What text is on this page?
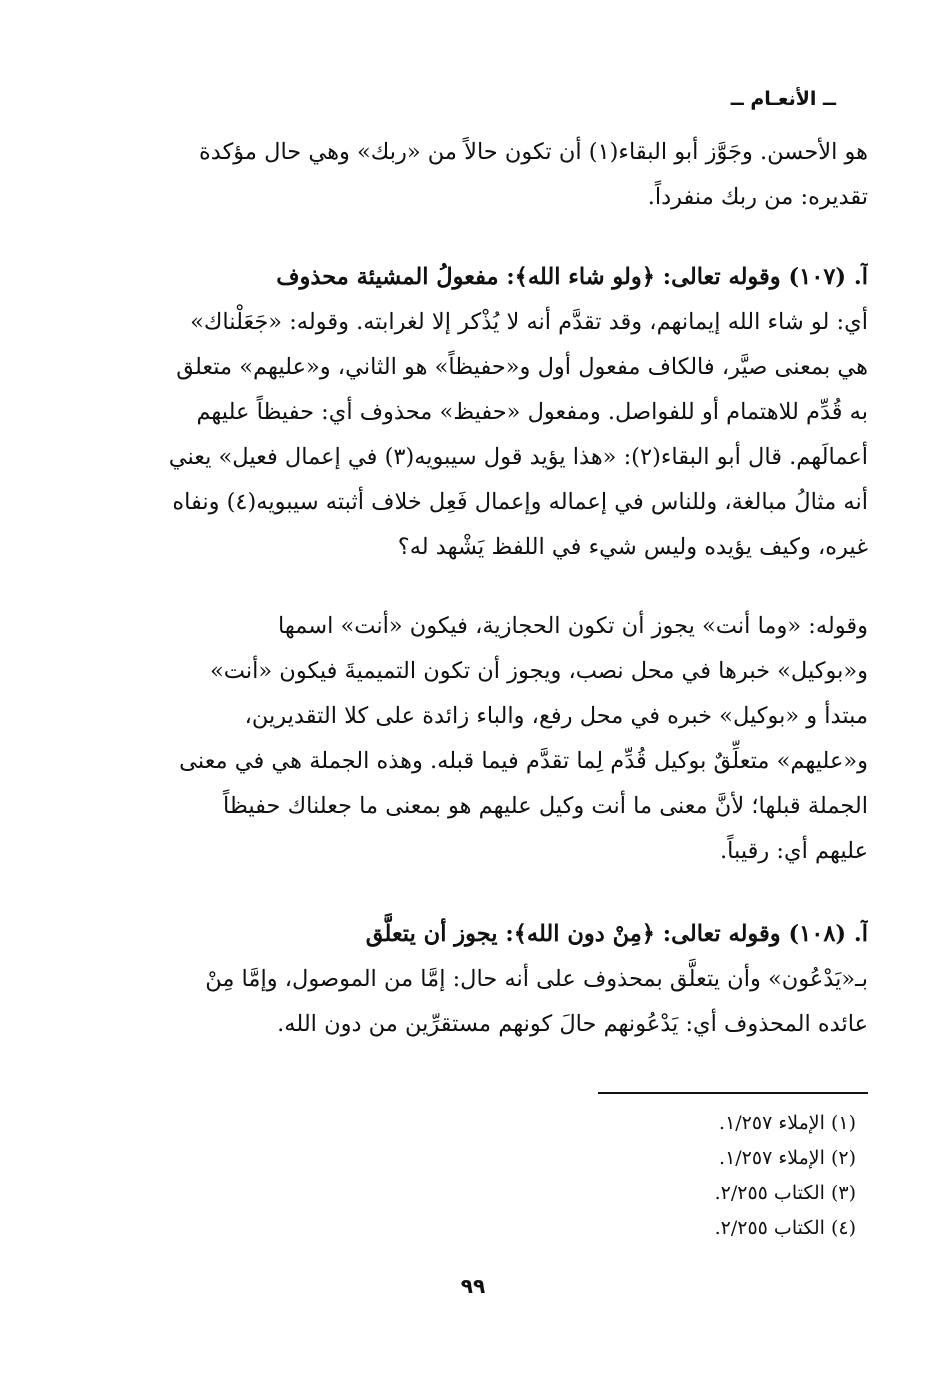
ــ الأنعـام ــ
هو الأحسن. وجَوَّز أبو البقاء(١) أن تكون حالاً من «ربك» وهي حال مؤكدة
تقديره: من ربك منفرداً.
آ. (١٠٧) وقوله تعالى: ﴿ولو شاء الله﴾: مفعولُ المشيئة محذوف
أي: لو شاء الله إيمانهم، وقد تقدَّم أنه لا يُذْكر إلا لغرابته. وقوله: «جَعَلْناك»
هي بمعنى صيَّر، فالكاف مفعول أول و«حفيظاً» هو الثاني، و«عليهم» متعلق
به قُدِّم للاهتمام أو للفواصل. ومفعول «حفيظ» محذوف أي: حفيظاً عليهم
أعمالَهم. قال أبو البقاء(٢): «هذا يؤيد قول سيبويه(٣) في إعمال فعيل» يعني
أنه مثالُ مبالغة، وللناس في إعماله وإعمال فَعِل خلاف أثبته سيبويه(٤) ونفاه
غيره، وكيف يؤيده وليس شيء في اللفظ يَشْهد له؟
وقوله: «وما أنت» يجوز أن تكون الحجازية، فيكون «أنت» اسمها
و«بوكيل» خبرها في محل نصب، ويجوز أن تكون التميميةَ فيكون «أنت»
مبتدأ و «بوكيل» خبره في محل رفع، والباء زائدة على كلا التقديرين،
و«عليهم» متعلِّقٌ بوكيل قُدِّم لِما تقدَّم فيما قبله. وهذه الجملة هي في معنى
الجملة قبلها؛ لأنَّ معنى ما أنت وكيل عليهم هو بمعنى ما جعلناك حفيظاً
عليهم أي: رقيباً.
آ. (١٠٨) وقوله تعالى: ﴿مِنْ دون الله﴾: يجوز أن يتعلَّق
بـ«يَدْعُون» وأن يتعلَّق بمحذوف على أنه حال: إمَّا من الموصول، وإمَّا مِنْ
عائده المحذوف أي: يَدْعُونهم حالَ كونهم مستقرِّين من دون الله.
(١) الإملاء ١/٢٥٧.
(٢) الإملاء ١/٢٥٧.
(٣) الكتاب ٢/٢٥٥.
(٤) الكتاب ٢/٢٥٥.
٩٩
